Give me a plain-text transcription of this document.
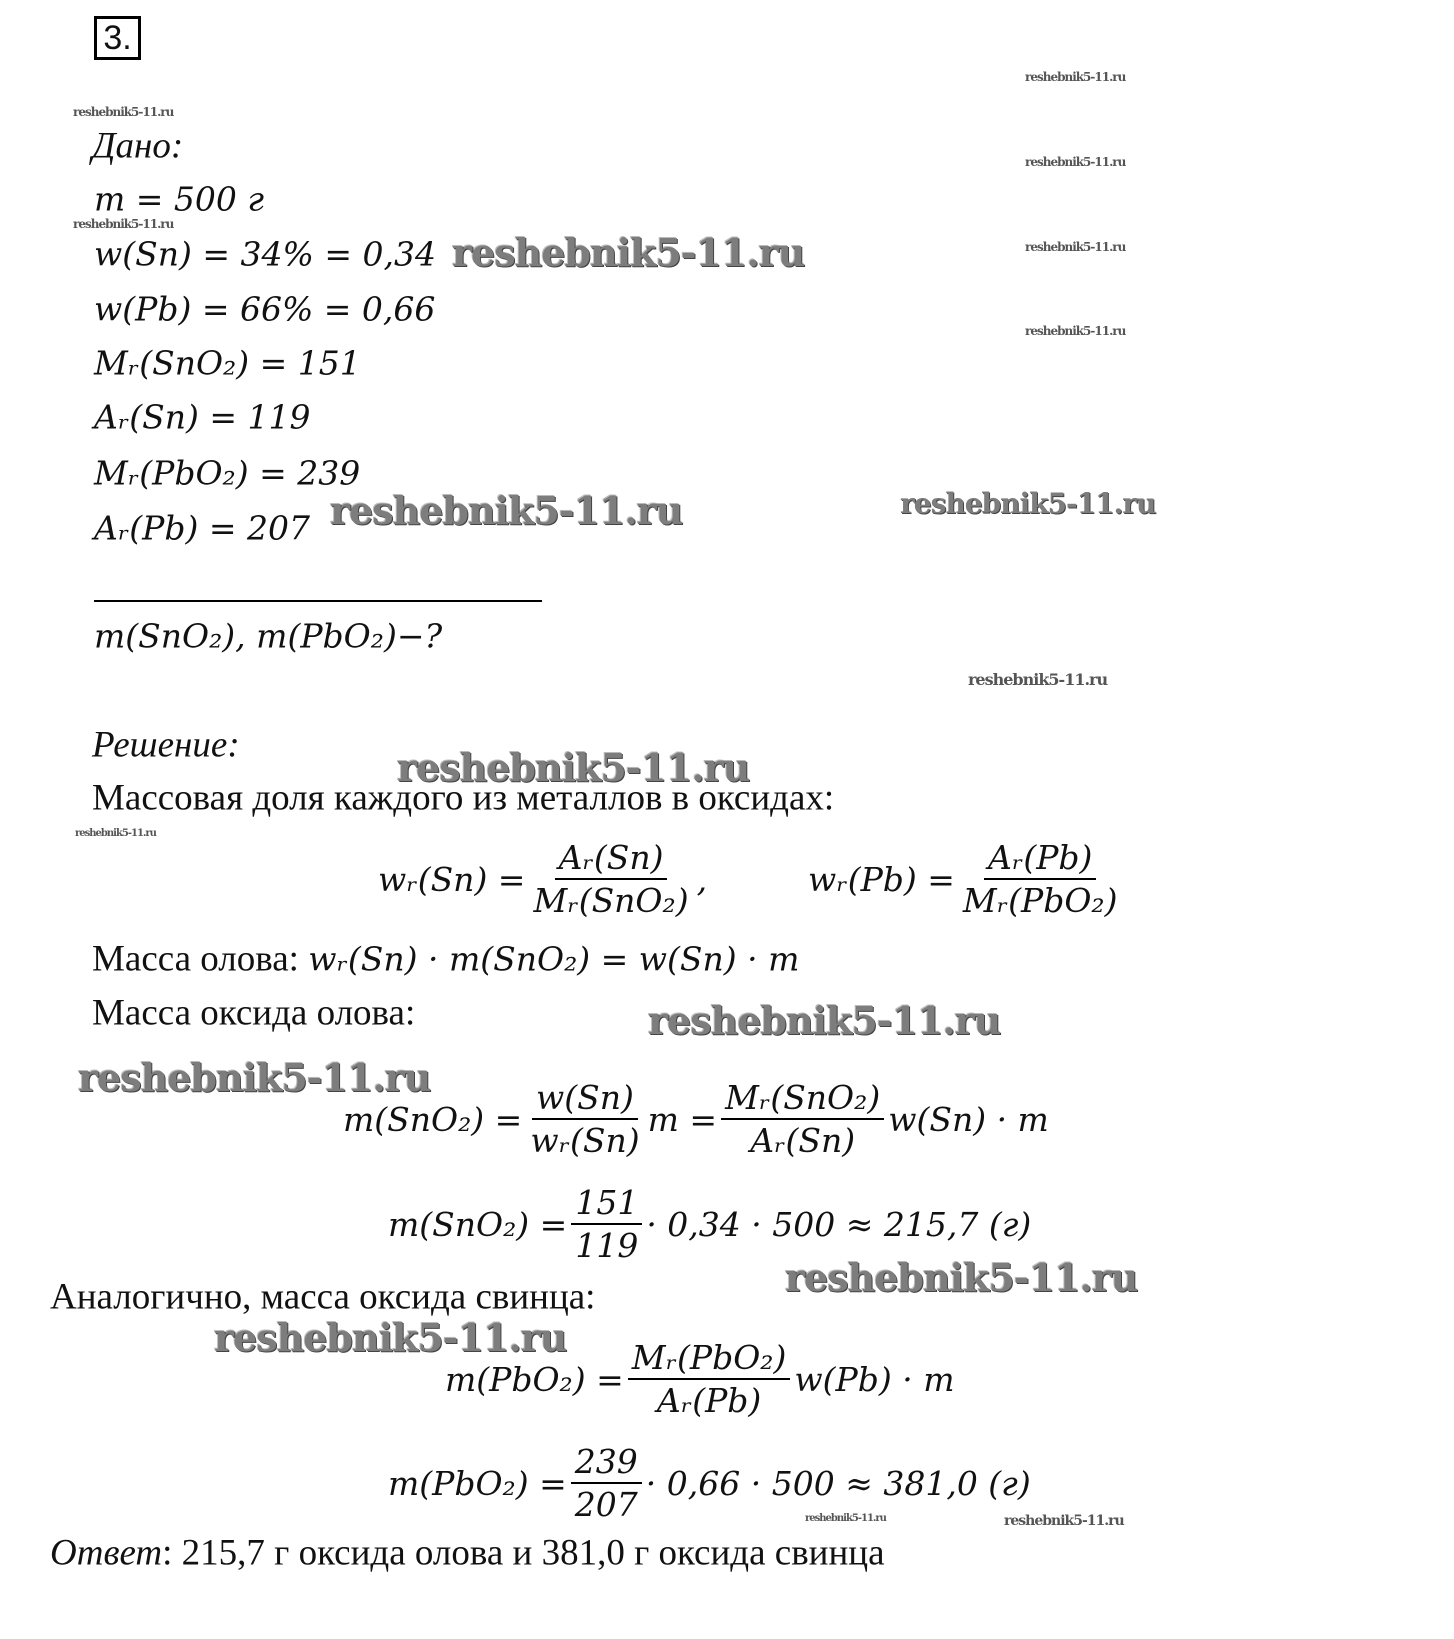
3.
reshebnik5-11.ru
reshebnik5-11.ru
reshebnik5-11.ru
reshebnik5-11.ru
reshebnik5-11.ru
reshebnik5-11.ru
reshebnik5-11.ru
reshebnik5-11.ru
reshebnik5-11.ru	reshebnik5-11.ru
reshebnik5-11.ru
reshebnik5-11.ru	reshebnik5-11.ru
reshebnik5-11.ru
reshebnik5-11.ru
reshebnik5-11.ru
reshebnik5-11.ru
reshebnik5-11.ru
Дано:
m = 500 г
w(Sn) = 34% = 0,34
w(Pb) = 66% = 0,66
Mᵣ(SnO₂) = 151
Aᵣ(Sn) = 119
Mᵣ(PbO₂) = 239
Aᵣ(Pb) = 207
m(SnO₂), m(PbO₂)−?
Решение:
Массовая доля каждого из металлов в оксидах:
wᵣ(Sn) = $\frac{\text{Aᵣ(Sn)}}{\text{Mᵣ(SnO₂)}}$ ,	wᵣ(Pb) = $\frac{\text{Aᵣ(Pb)}}{\text{Mᵣ(PbO₂)}}$
Масса олова:
wᵣ(Sn) · m(SnO₂) = w(Sn) · m
Масса оксида олова:
$m(SnO_2) = \frac{w(Sn)}{\text{wᵣ(Sn)}}$ $m = \frac{\text{Mᵣ(SnO₂)}}{\text{Aᵣ(Sn)}} w(Sn) \cdot m$
$m(SnO_2) = \frac{151}{119} \cdot 0,34 \cdot 500 \approx 215,7$ (г)
Аналогично, масса оксида свинца:
$m(PbO_2) = \frac{\text{Mᵣ(PbO₂)}}{\text{Aᵣ(Pb)}} w(Pb) \cdot m$
$m(PbO_2) = \frac{239}{207} \cdot 0,66 \cdot 500 \approx 381,0$ (г)
Ответ: 215,7 г оксида олова и 381,0 г оксида свинца
